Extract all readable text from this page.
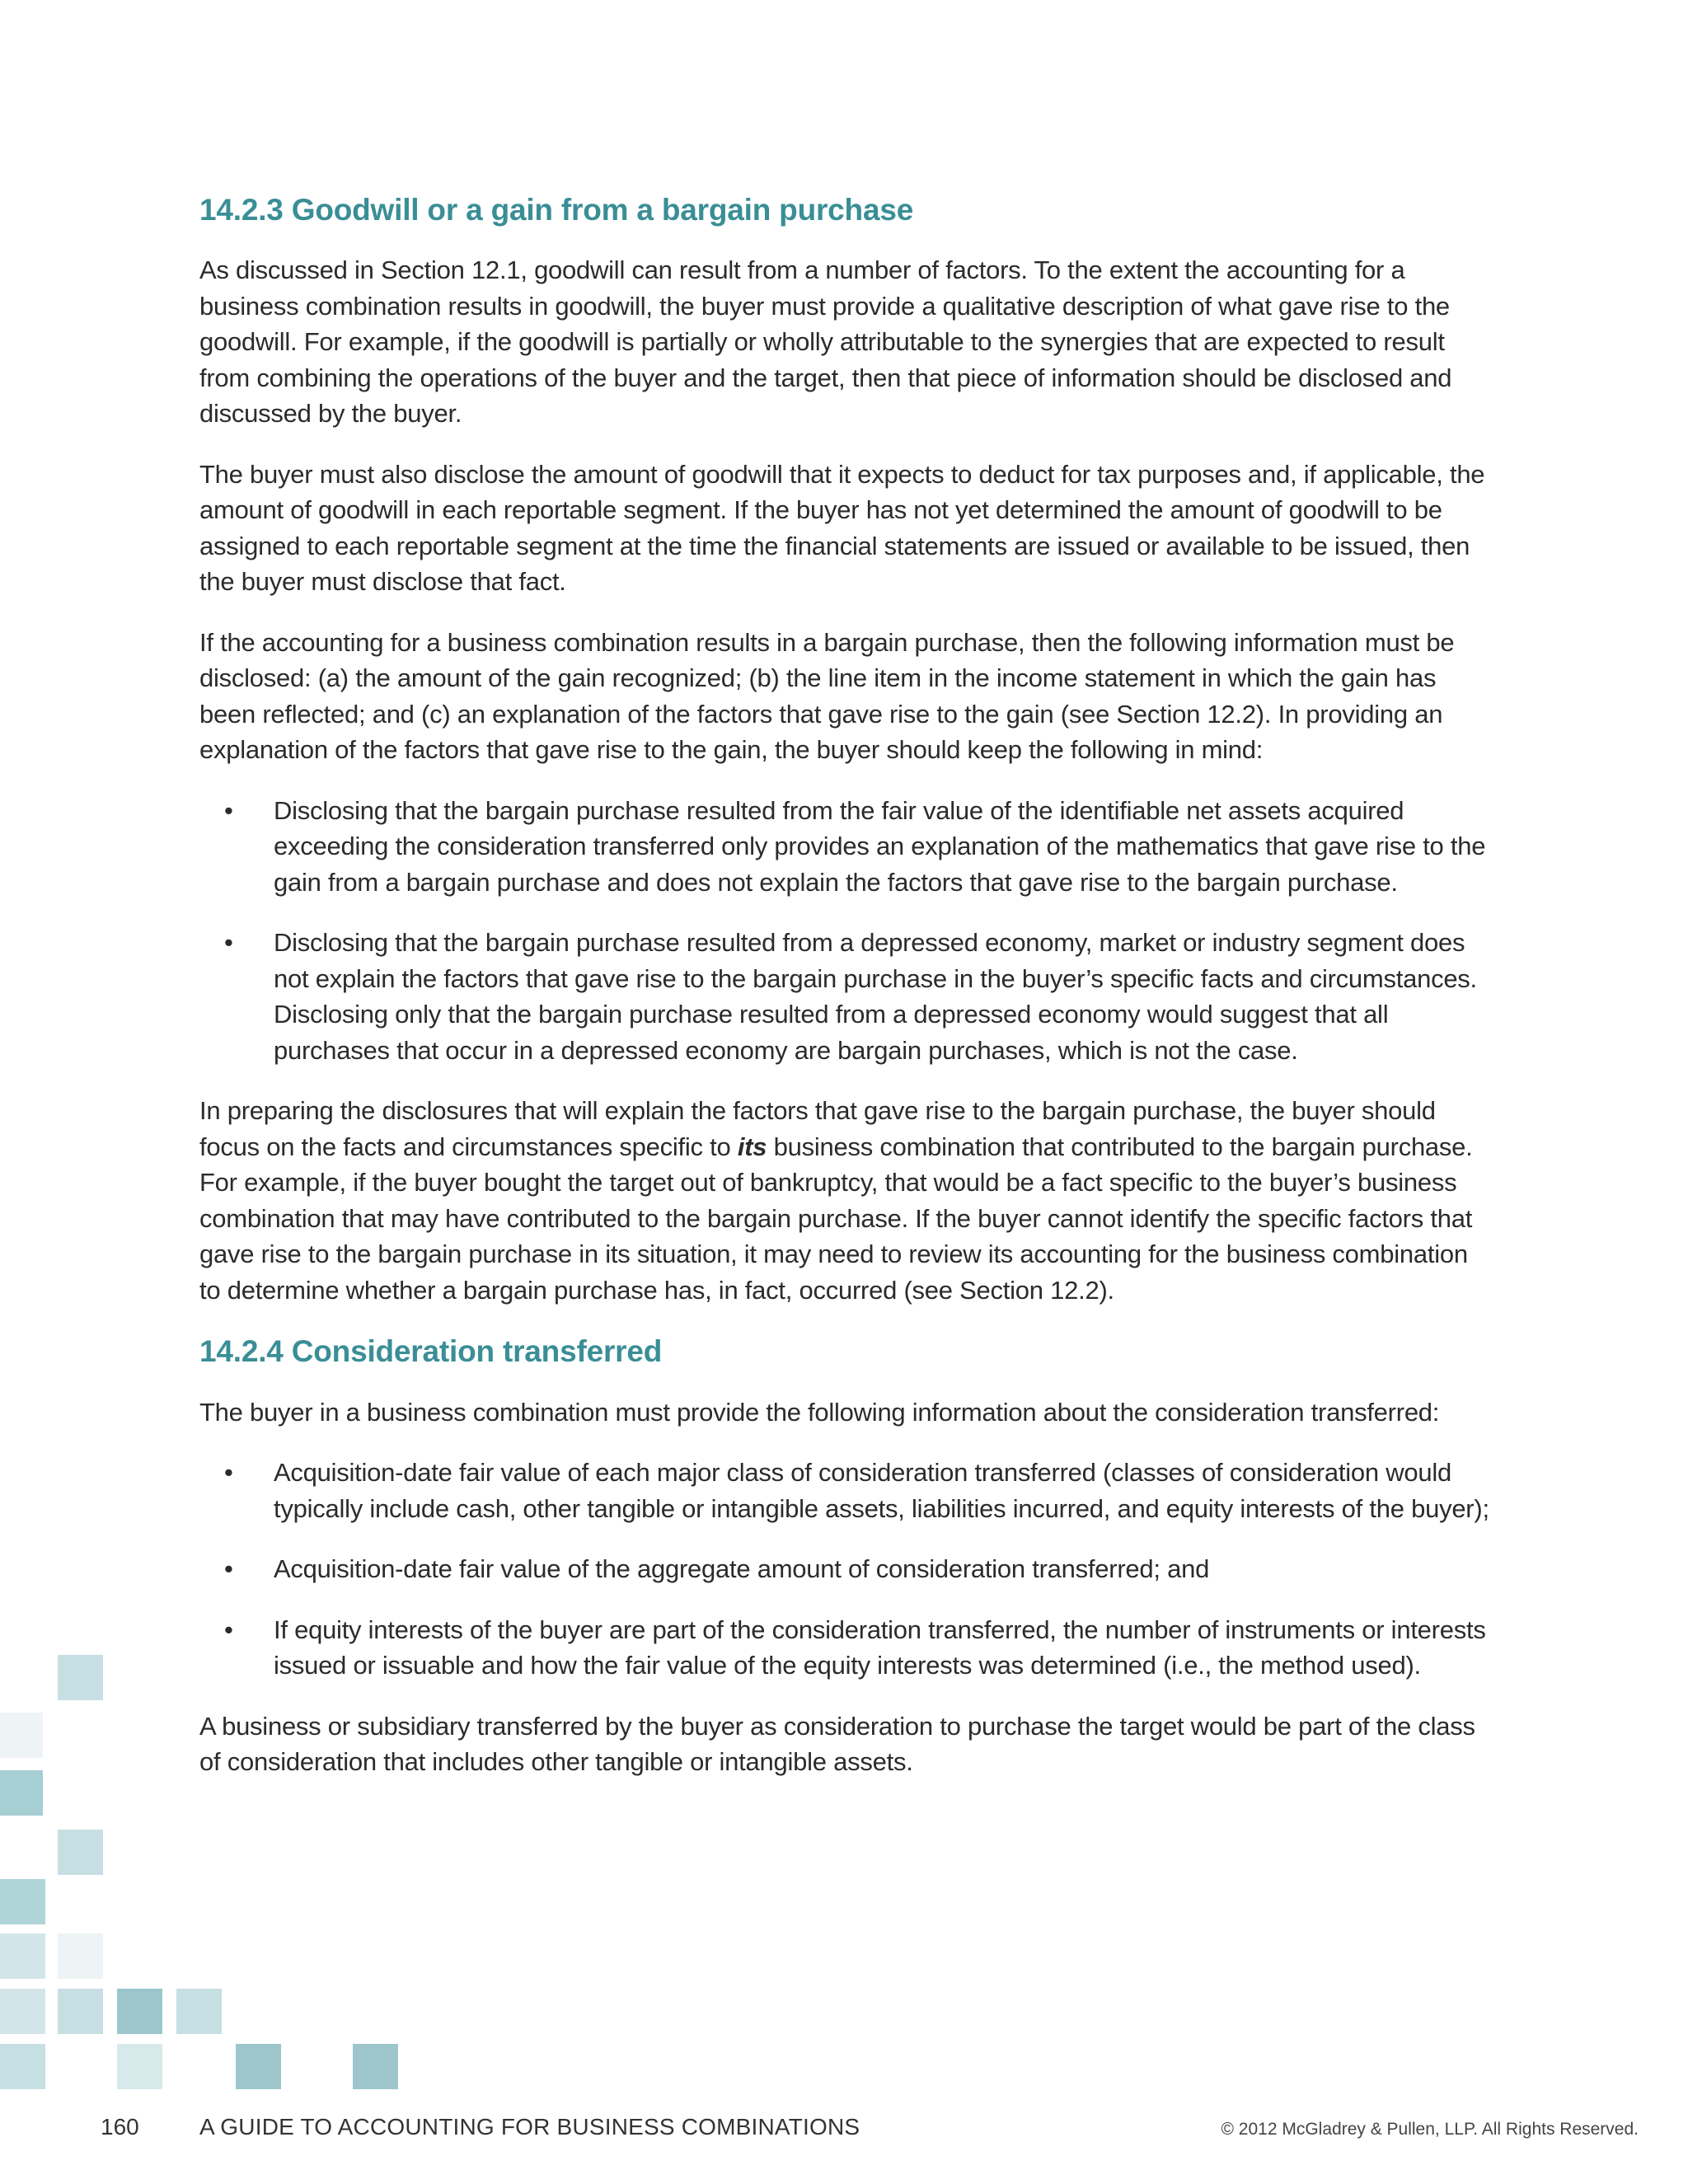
14.2.3 Goodwill or a gain from a bargain purchase

As discussed in Section 12.1, goodwill can result from a number of factors. To the extent the accounting for a business combination results in goodwill, the buyer must provide a qualitative description of what gave rise to the goodwill. For example, if the goodwill is partially or wholly attributable to the synergies that are expected to result from combining the operations of the buyer and the target, then that piece of information should be disclosed and discussed by the buyer.

The buyer must also disclose the amount of goodwill that it expects to deduct for tax purposes and, if applicable, the amount of goodwill in each reportable segment. If the buyer has not yet determined the amount of goodwill to be assigned to each reportable segment at the time the financial statements are issued or available to be issued, then the buyer must disclose that fact.

If the accounting for a business combination results in a bargain purchase, then the following information must be disclosed: (a) the amount of the gain recognized; (b) the line item in the income statement in which the gain has been reflected; and (c) an explanation of the factors that gave rise to the gain (see Section 12.2). In providing an explanation of the factors that gave rise to the gain, the buyer should keep the following in mind:

• Disclosing that the bargain purchase resulted from the fair value of the identifiable net assets acquired exceeding the consideration transferred only provides an explanation of the mathematics that gave rise to the gain from a bargain purchase and does not explain the factors that gave rise to the bargain purchase.
• Disclosing that the bargain purchase resulted from a depressed economy, market or industry segment does not explain the factors that gave rise to the bargain purchase in the buyer’s specific facts and circumstances. Disclosing only that the bargain purchase resulted from a depressed economy would suggest that all purchases that occur in a depressed economy are bargain purchases, which is not the case.

In preparing the disclosures that will explain the factors that gave rise to the bargain purchase, the buyer should focus on the facts and circumstances specific to its business combination that contributed to the bargain purchase. For example, if the buyer bought the target out of bankruptcy, that would be a fact specific to the buyer’s business combination that may have contributed to the bargain purchase. If the buyer cannot identify the specific factors that gave rise to the bargain purchase in its situation, it may need to review its accounting for the business combination to determine whether a bargain purchase has, in fact, occurred (see Section 12.2).

14.2.4 Consideration transferred

The buyer in a business combination must provide the following information about the consideration transferred:

• Acquisition-date fair value of each major class of consideration transferred (classes of consideration would typically include cash, other tangible or intangible assets, liabilities incurred, and equity interests of the buyer);
• Acquisition-date fair value of the aggregate amount of consideration transferred; and
• If equity interests of the buyer are part of the consideration transferred, the number of instruments or interests issued or issuable and how the fair value of the equity interests was determined (i.e., the method used).

A business or subsidiary transferred by the buyer as consideration to purchase the target would be part of the class of consideration that includes other tangible or intangible assets.

160	A GUIDE TO ACCOUNTING FOR BUSINESS COMBINATIONS	© 2012 McGladrey & Pullen, LLP. All Rights Reserved.
